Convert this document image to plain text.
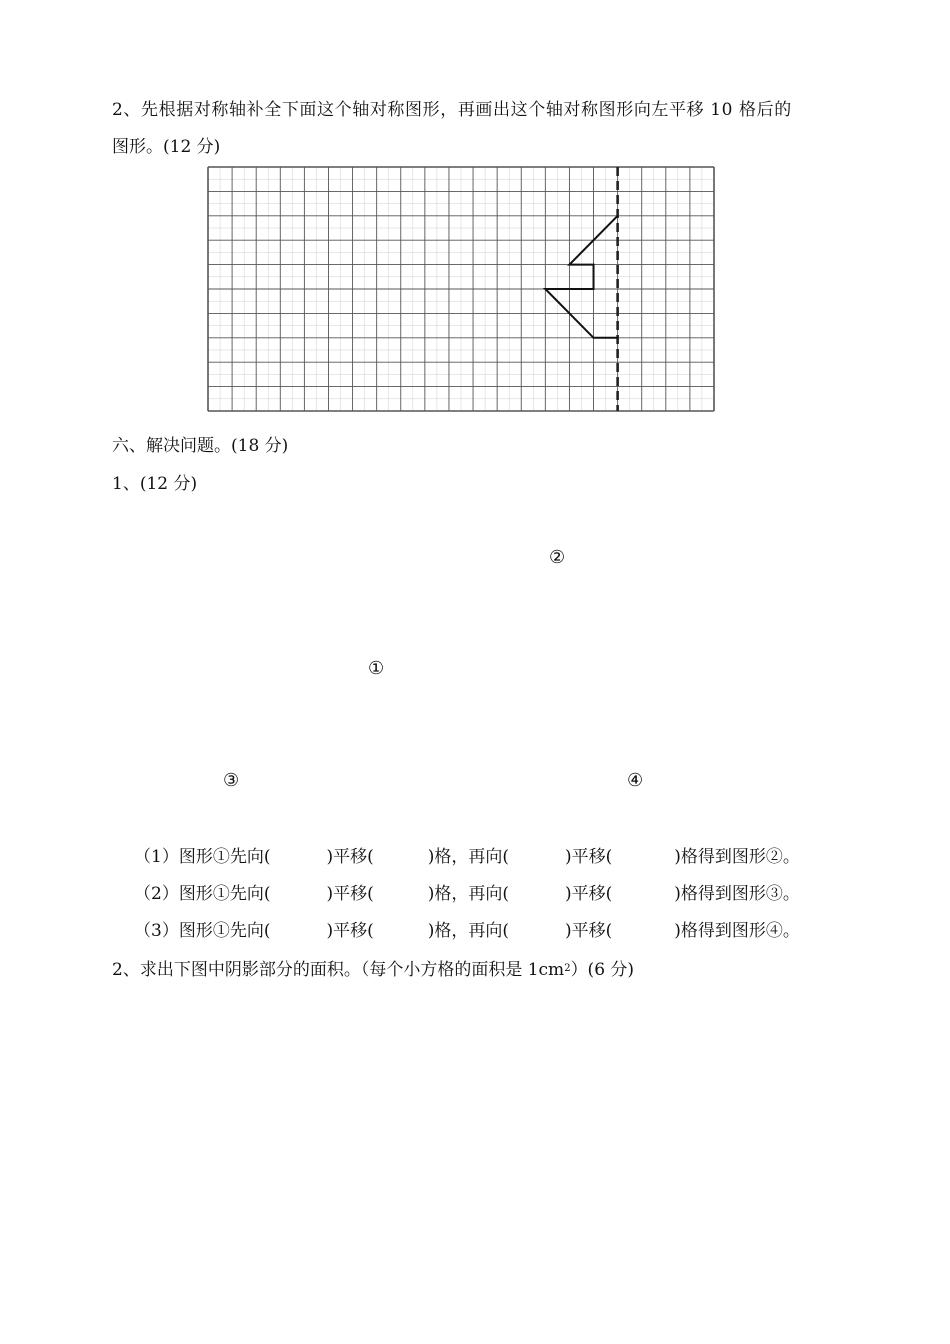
2、先根据对称轴补全下面这个轴对称图形，再画出这个轴对称图形向左平移 10 格后的
图形。(12 分)
六、解决问题。(18 分)
1、(12 分)
②
①
③	④
（1）图形①先向(	)平移(	)格，再向(	)平移(	)格得到图形②。
（2）图形①先向(	)平移(	)格，再向(	)平移(	)格得到图形③。
（3）图形①先向(	)平移(	)格，再向(	)平移(	)格得到图形④。
2、求出下图中阴影部分的面积。（每个小方格的面积是 $1cm^2)(6$ 分)
